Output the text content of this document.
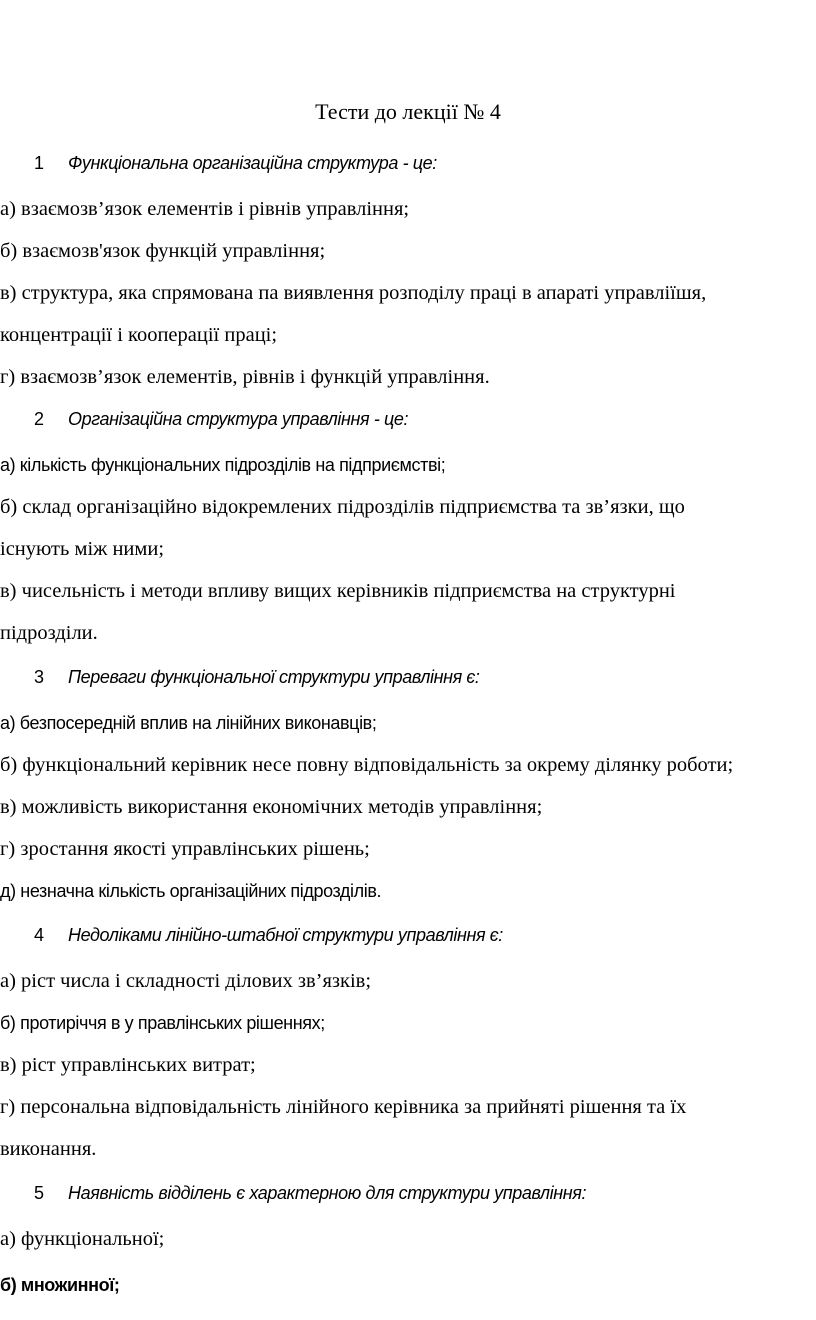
Тести до лекції № 4
1 Функціональна організаційна структура - це:
а) взаємозв’язок елементів і рівнів управління;
б) взаємозв'язок функцій управління;
в) структура, яка спрямована па виявлення розподілу праці в апараті управліїшя,
концентрації і кооперації праці;
г) взаємозв’язок елементів, рівнів і функцій управління.
2 Організаційна структура управління - це:
а) кількість функціональних підрозділів на підприємстві;
б) склад організаційно відокремлених підрозділів підприємства та зв’язки, що
існують між ними;
в) чисельність і методи впливу вищих керівників підприємства на структурні
підрозділи.
3 Переваги функціональної структури управління є:
а) безпосередній вплив на лінійних виконавців;
б) функціональний керівник несе повну відповідальність за окрему ділянку роботи;
в) можливість використання економічних методів управління;
г) зростання якості управлінських рішень;
д) незначна кількість організаційних підрозділів.
4 Недоліками лінійно-штабної структури управління є:
а) ріст числа і складності ділових зв’язків;
б) протиріччя в у правлінських рішеннях;
в) ріст управлінських витрат;
г) персональна відповідальність лінійного керівника за прийняті рішення та їх
виконання.
5 Наявність відділень є характерною для структури управління:
а) функціональної;
б) множинної;
